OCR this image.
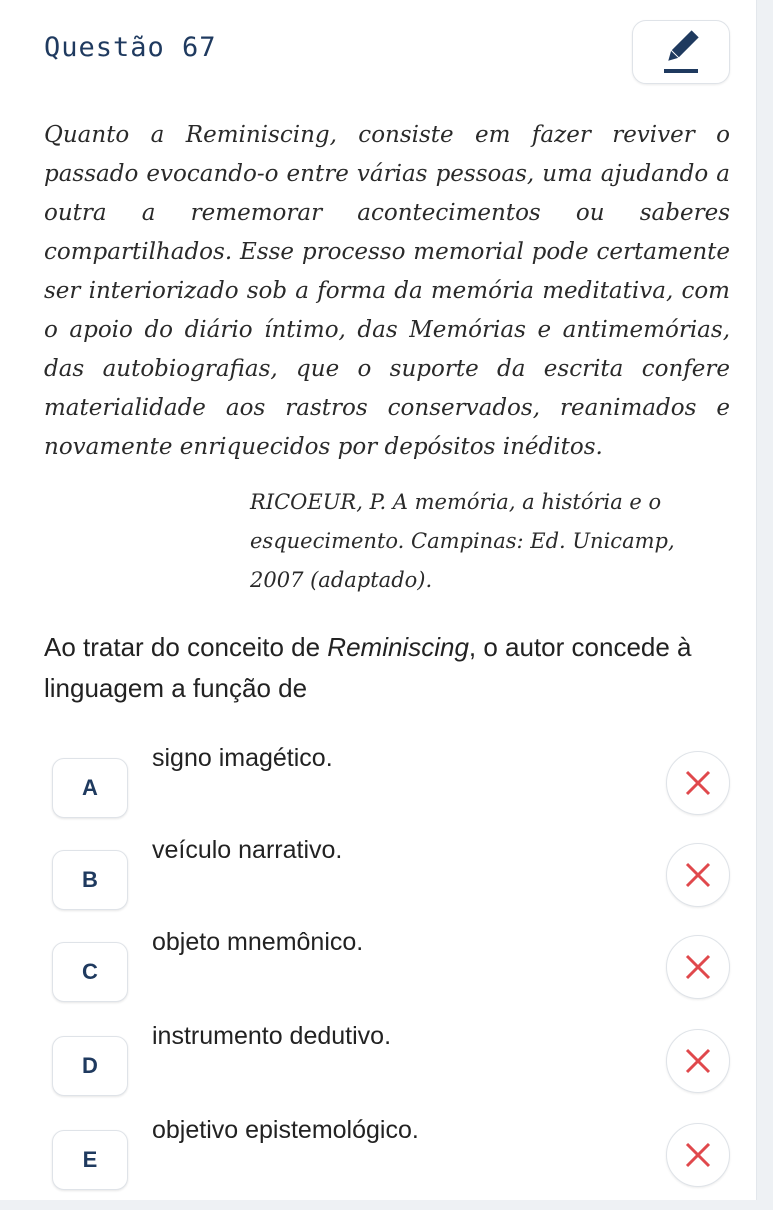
Questão 67

Quanto a Reminiscing, consiste em fazer reviver o passado evocando-o entre várias pessoas, uma ajudando a outra a rememorar acontecimentos ou saberes compartilhados. Esse processo memorial pode certamente ser interiorizado sob a forma da memória meditativa, com o apoio do diário íntimo, das Memórias e antimemórias, das autobiografias, que o suporte da escrita confere materialidade aos rastros conservados, reanimados e novamente enriquecidos por depósitos inéditos.

RICOEUR, P. A memória, a história e o esquecimento. Campinas: Ed. Unicamp, 2007 (adaptado).

Ao tratar do conceito de Reminiscing, o autor concede à linguagem a função de

A
signo imagético.
B
veículo narrativo.
C
objeto mnemônico.
D
instrumento dedutivo.
E
objetivo epistemológico.
